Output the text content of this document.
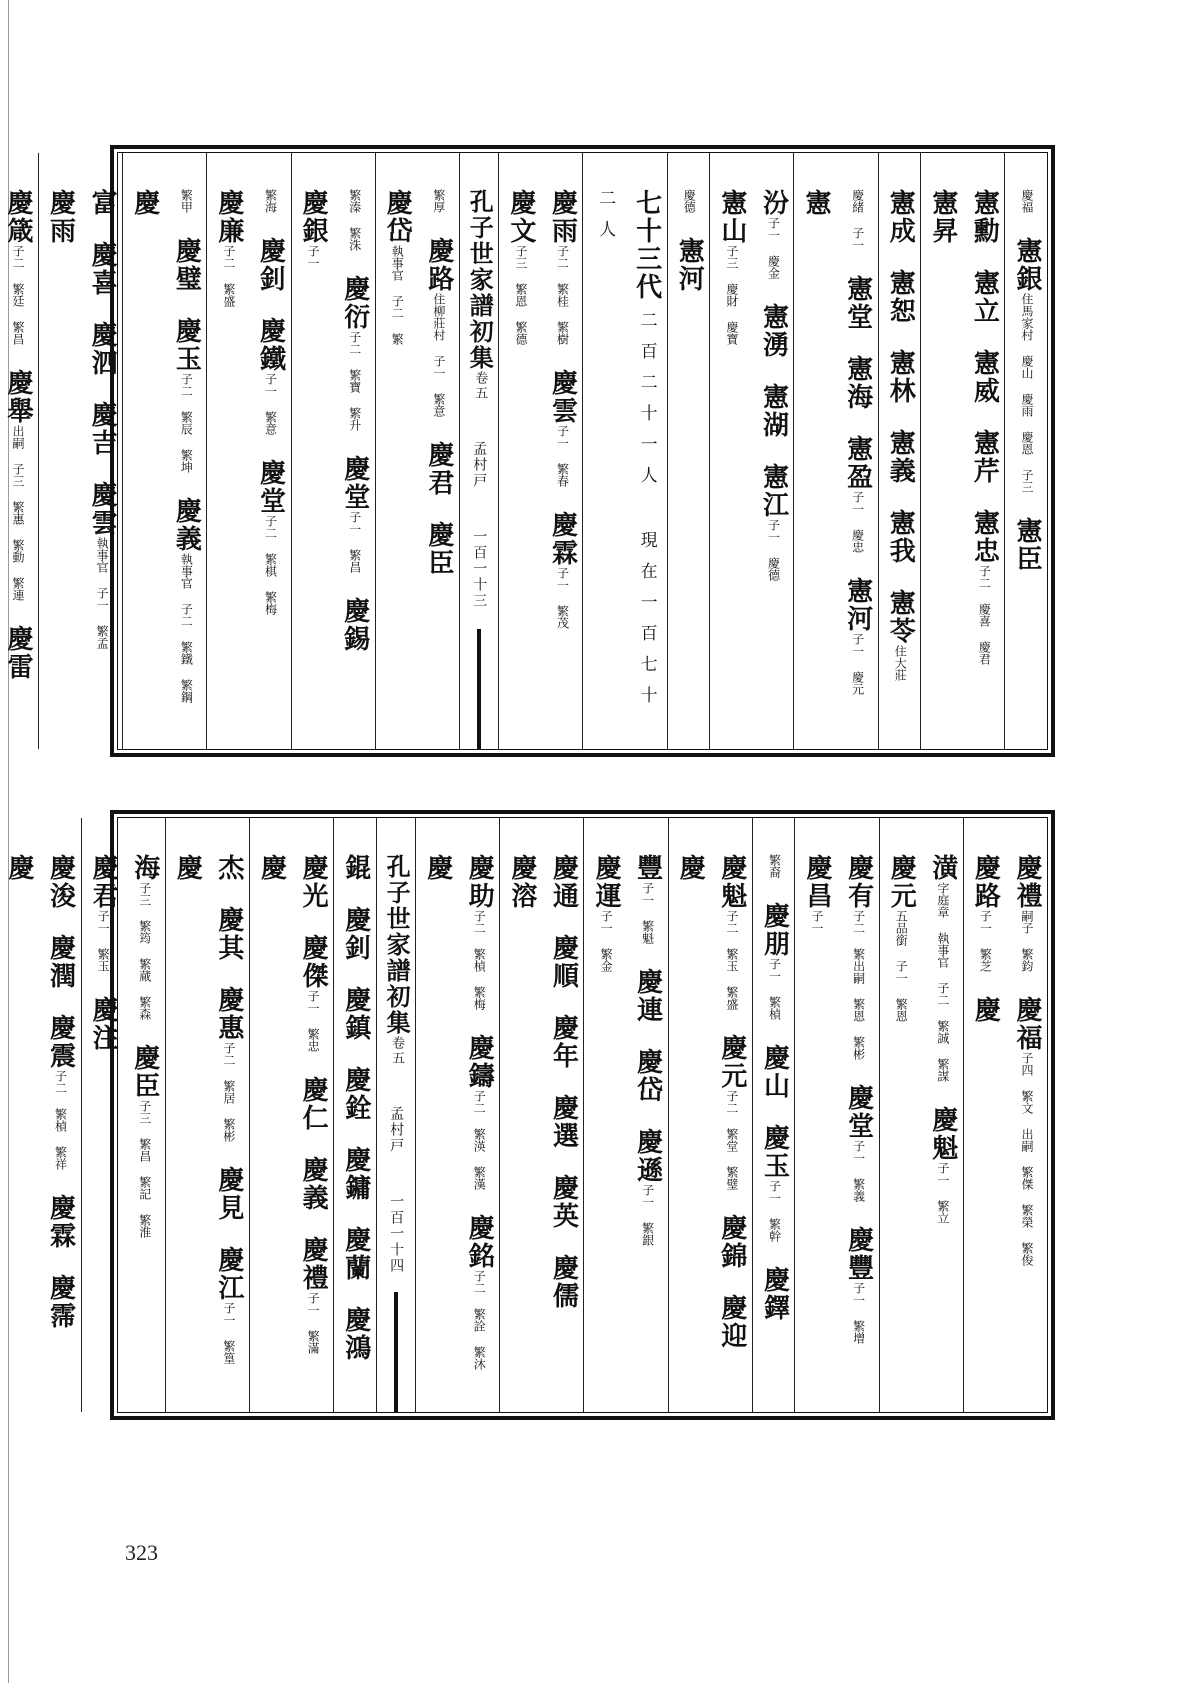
慶福憲銀住馬家村 慶山 慶雨 慶恩 子三憲臣
憲勳憲立憲威憲芹憲忠子二 慶喜 慶君憲昇
憲成憲恕憲林憲義憲我憲苓住大莊
慶緒 子一憲堂憲海憲盈子一 慶忠憲河子一 慶元憲
汾子一 慶金憲湧憲湖憲江子一 慶德憲山子三 慶財 慶寶
慶德憲河
七十三代二百二十一人 現在一百七十二人
慶雨子二 繁桂 繁樹慶雲子一 繁春慶霖子一 繁茂慶文子三 繁恩 繁德
孔子世家譜初集卷五孟村戸一百一十三
繁厚慶路住柳莊村 子一 繁意慶君慶臣慶岱執事官 子二 繁
繁溱 繁洙慶衍子二 繁寶 繁升慶堂子一 繁昌慶錫慶銀子一
繁海慶釗慶鐵子一 繁意慶堂子二 繁棋 繁梅慶廉子二 繁盛
繁甲慶璧慶玉子二 繁辰 繁坤慶義執事官 子二 繁鐵 繁鋼慶
富慶喜慶泗慶吉慶雲執事官 子一 繁孟慶雨
慶箴子二 繁廷 繁昌慶舉出嗣 子三 繁惠 繁動 繁連慶雷
慶禮嗣子 繁鈞慶福子四 繁文 出嗣 繁傑 繁榮 繁俊慶路子一 繁芝慶
潢字庭章 執事官 子二 繁誠 繁謀慶魁子一 繁立慶元五品銜 子一 繁恩
慶有子二 繁出嗣 繁恩 繁彬慶堂子一 繁義慶豐子一 繁增慶昌子一
繁裔慶朋子一 繁楨慶山慶玉子一 繁幹慶鐸
慶魁子二 繁玉 繁盛慶元子二 繁堂 繁璧慶錦慶迎慶
豐子一 繁魁慶連慶岱慶遜子一 繁銀慶運子一 繁金
慶通慶順慶年慶選慶英慶儒慶溶
慶助子二 繁楨 繁梅慶鑄子二 繁渶 繁漢慶銘子二 繁詮 繁沐慶
孔子世家譜初集卷五孟村戸一百一十四
錕慶釗慶鎮慶銓慶鏞慶蘭慶鴻
慶光慶傑子一 繁忠慶仁慶義慶禮子一 繁滿慶
杰慶其慶惠子二 繁居 繁彬慶見慶江子一 繁篁慶
海子三 繁筠 繁蕆 繁森慶臣子三 繁昌 繁記 繁淮慶君子一 繁玉慶注
慶浚慶潤慶震子二 繁楨 繁祥慶霖慶霈慶
323
